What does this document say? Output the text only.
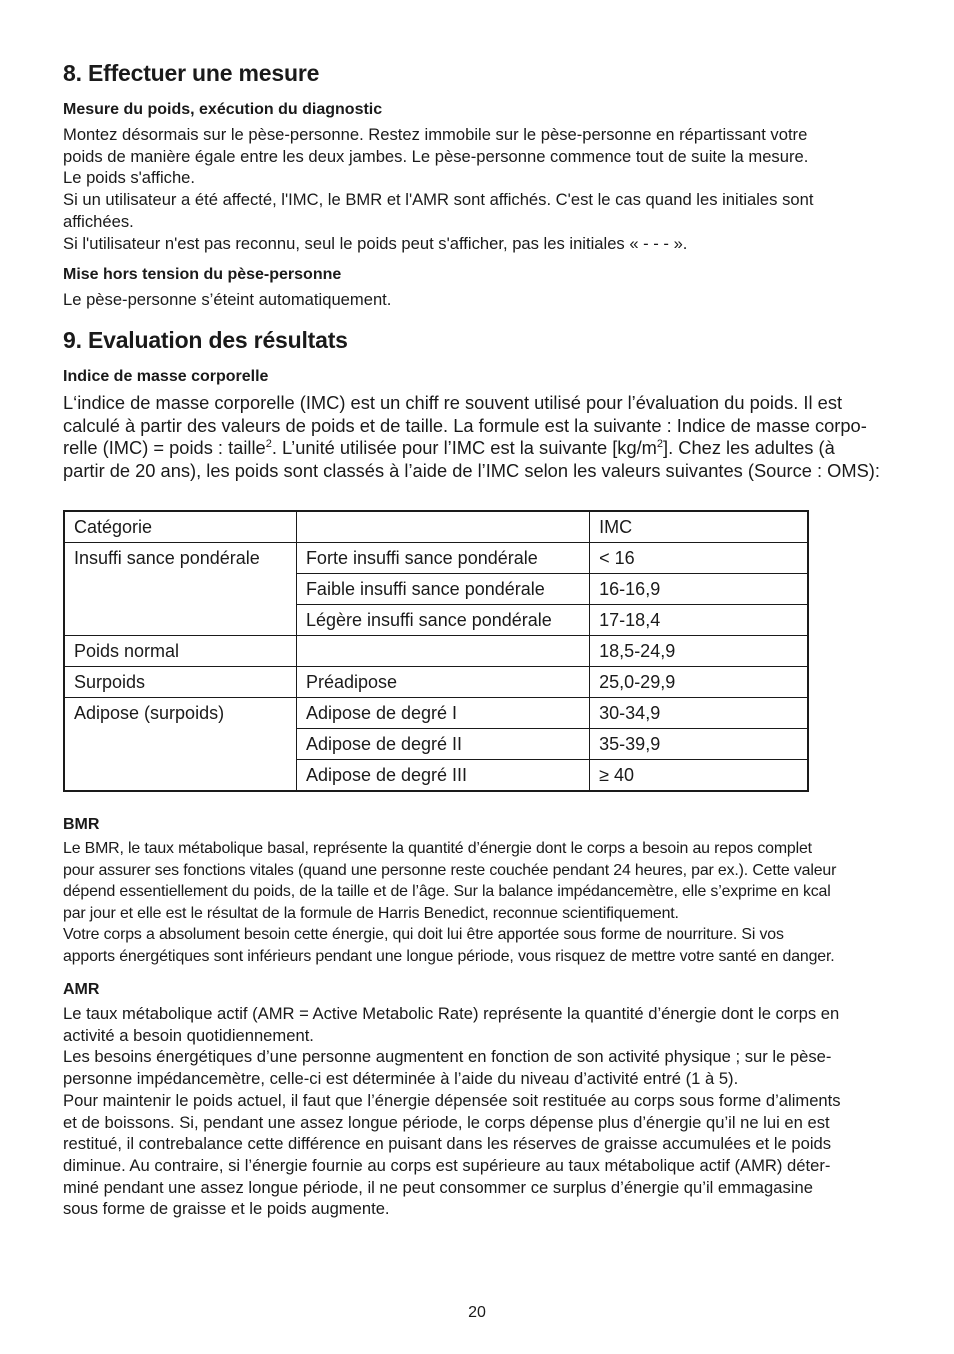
8. Effectuer une mesure
Mesure du poids, exécution du diagnostic
Montez désormais sur le pèse-personne. Restez immobile sur le pèse-personne en répartissant votre
poids de manière égale entre les deux jambes. Le pèse-personne commence tout de suite la mesure.
Le poids s'affiche.
Si un utilisateur a été affecté, l'IMC, le BMR et l'AMR sont affichés. C'est le cas quand les initiales sont
affichées.
Si l'utilisateur n'est pas reconnu, seul le poids peut s'afficher, pas les initiales « - - - ».
Mise hors tension du pèse-personne
Le pèse-personne s’éteint automatiquement.
9. Evaluation des résultats
Indice de masse corporelle
L‘indice de masse corporelle (IMC) est un chiff re souvent utilisé pour l’évaluation du poids. Il est
calculé à partir des valeurs de poids et de taille. La formule est la suivante : Indice de masse corpo-
relle (IMC) = poids : taille$^2$. L’unité utilisée pour l’IMC est la suivante $[kg/m^2]$. Chez les adultes (à
partir de 20 ans), les poids sont classés à l’aide de l’IMC selon les valeurs suivantes (Source : OMS):
Catégorie		IMC
Insuffi sance pondérale	Forte insuffi sance pondérale	< 16
	Faible insuffi sance pondérale	16-16,9
	Légère insuffi sance pondérale	17-18,4
Poids normal		18,5-24,9
Surpoids	Préadipose	25,0-29,9
Adipose (surpoids)	Adipose de degré I	30-34,9
	Adipose de degré II	35-39,9
	Adipose de degré III	≥ 40
BMR
Le BMR, le taux métabolique basal, représente la quantité d’énergie dont le corps a besoin au repos complet
pour assurer ses fonctions vitales (quand une personne reste couchée pendant 24 heures, par ex.). Cette valeur
dépend essentiellement du poids, de la taille et de l’âge. Sur la balance impédancemètre, elle s’exprime en kcal
par jour et elle est le résultat de la formule de Harris Benedict, reconnue scientifiquement.
Votre corps a absolument besoin cette énergie, qui doit lui être apportée sous forme de nourriture. Si vos
apports énergétiques sont inférieurs pendant une longue période, vous risquez de mettre votre santé en danger.
AMR
Le taux métabolique actif (AMR = Active Metabolic Rate) représente la quantité d’énergie dont le corps en
activité a besoin quotidiennement.
Les besoins énergétiques d’une personne augmentent en fonction de son activité physique ; sur le pèse-
personne impédancemètre, celle-ci est déterminée à l’aide du niveau d’activité entré (1 à 5).
Pour maintenir le poids actuel, il faut que l’énergie dépensée soit restituée au corps sous forme d’aliments
et de boissons. Si, pendant une assez longue période, le corps dépense plus d’énergie qu’il ne lui en est
restitué, il contrebalance cette différence en puisant dans les réserves de graisse accumulées et le poids
diminue. Au contraire, si l’énergie fournie au corps est supérieure au taux métabolique actif (AMR) déter-
miné pendant une assez longue période, il ne peut consommer ce surplus d’énergie qu’il emmagasine
sous forme de graisse et le poids augmente.
20
